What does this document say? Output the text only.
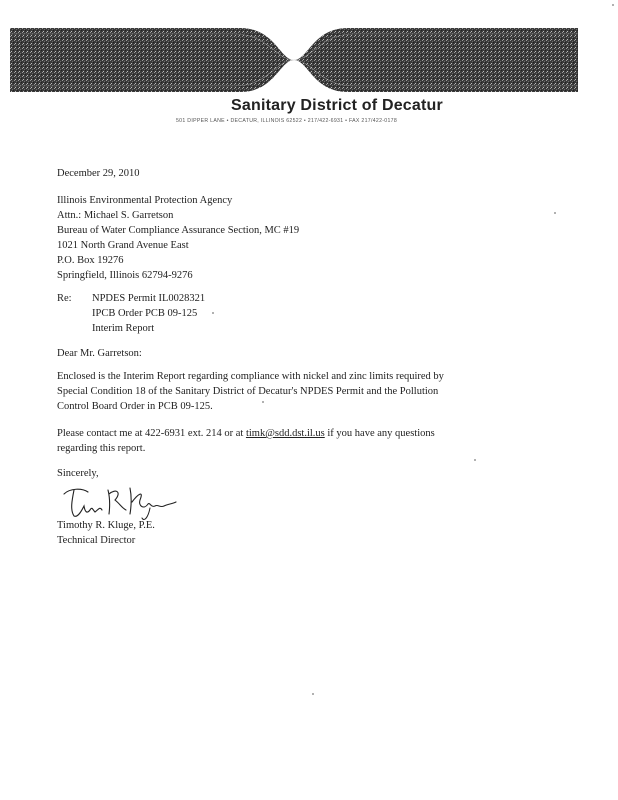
Sanitary District of Decatur
501 DIPPER LANE • DECATUR, ILLINOIS 62522 • 217/422-6931 • FAX 217/422-0178
December 29, 2010
Illinois Environmental Protection Agency
Attn.: Michael S. Garretson
Bureau of Water Compliance Assurance Section, MC #19
1021 North Grand Avenue East
P.O. Box 19276
Springfield, Illinois 62794-9276
Re: NPDES Permit IL0028321
IPCB Order PCB 09-125
Interim Report
Dear Mr. Garretson:
Enclosed is the Interim Report regarding compliance with nickel and zinc limits required by
Special Condition 18 of the Sanitary District of Decatur's NPDES Permit and the Pollution
Control Board Order in PCB 09-125.
Please contact me at 422-6931 ext. 214 or at timk@sdd.dst.il.us if you have any questions
regarding this report.
Sincerely,
Timothy R. Kluge, P.E.
Technical Director
